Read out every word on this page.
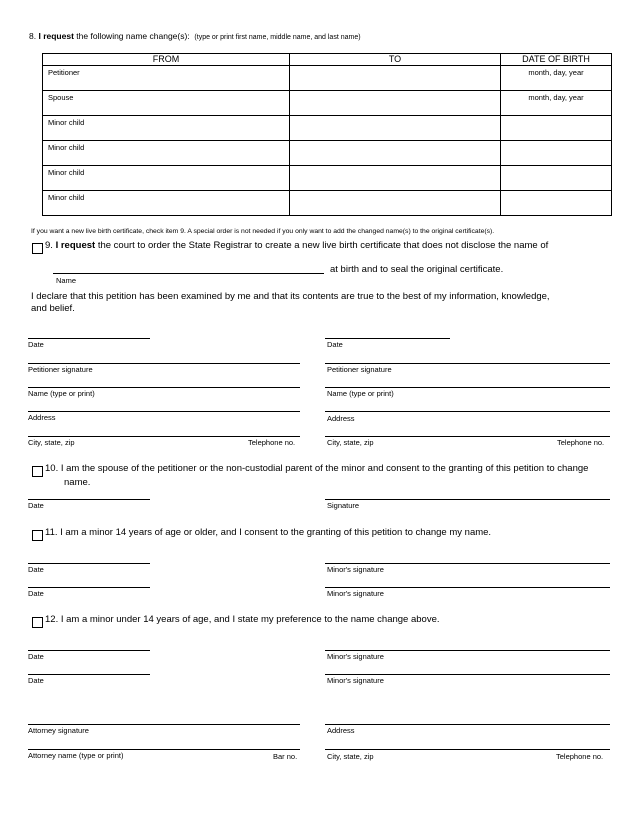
8. I request the following name change(s): (type or print first name, middle name, and last name)
FROM	TO	DATE OF BIRTH

Petitioner		month, day, year

Spouse		month, day, year

Minor child		

Minor child		

Minor child		

Minor child		

If you want a new live birth certificate, check item 9. A special order is not needed if you only want to add the changed name(s) to the original certificate(s).
9. I request the court to order the State Registrar to create a new live birth certificate that does not disclose the name of
Name
at birth and to seal the original certificate.
I declare that this petition has been examined by me and that its contents are true to the best of my information, knowledge,
and belief.
Date
Petitioner signature
Name (type or print)
Address
City, state, zip	Telephone no.
Date
Petitioner signature
Name (type or print)
Address
City, state, zip	Telephone no.
10. I am the spouse of the petitioner or the non-custodial parent of the minor and consent to the granting of this petition to change
name.
Date	Signature
11. I am a minor 14 years of age or older, and I consent to the granting of this petition to change my name.
Date	Minor's signature
Date	Minor's signature
12. I am a minor under 14 years of age, and I state my preference to the name change above.
Date	Minor's signature
Date	Minor's signature
Attorney signature	Address
Attorney name (type or print)	Bar no.	City, state, zip	Telephone no.
